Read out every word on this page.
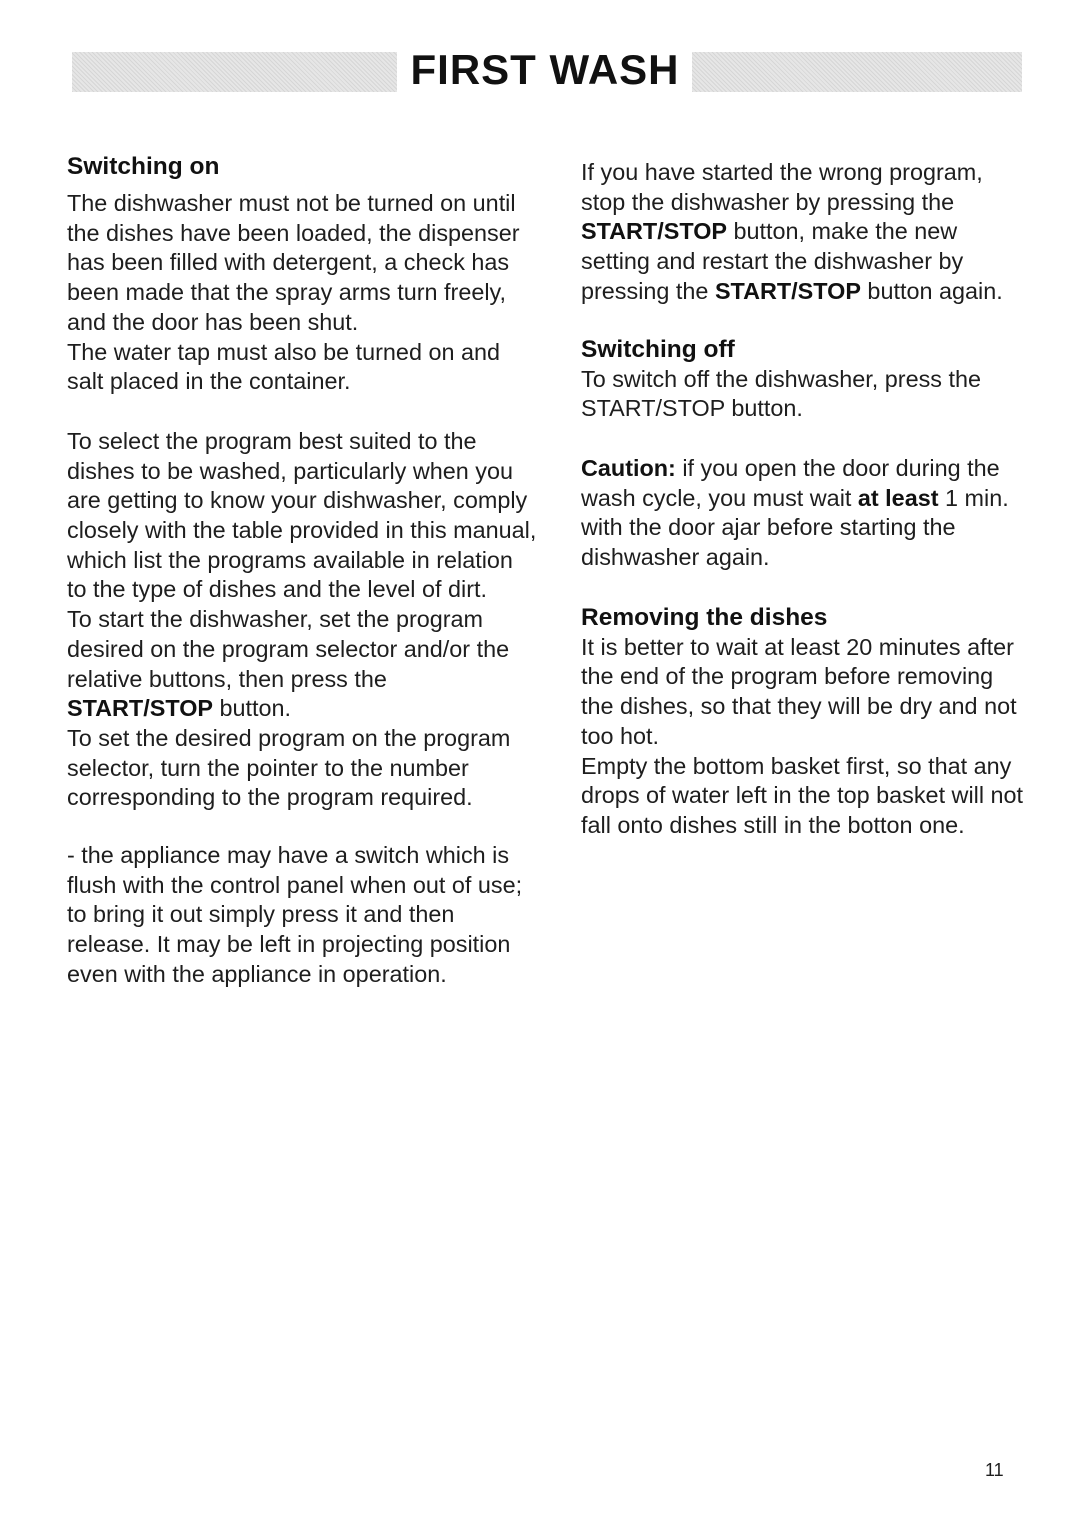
FIRST WASH
Switching on

The dishwasher must not be turned on until the dishes have been loaded, the dispenser has been filled with detergent, a check has been made that the spray arms turn freely, and the door has been shut.

The water tap must also be turned on and salt placed in the container.

To select the program best suited to the dishes to be washed, particularly when you are getting to know your dishwasher, comply closely with the table provided in this manual, which list the programs available in relation to the type of dishes and the level of dirt.

To start the dishwasher, set the program desired on the program selector and/or the relative buttons, then press the START/STOP button.

To set the desired program on the program selector, turn the pointer to the number corresponding to the program required.

- the appliance may have a switch which is flush with the control panel when out of use; to bring it out simply press it and then release. It may be left in projecting position even with the appliance in operation.

If you have started the wrong program, stop the dishwasher by pressing the START/STOP button, make the new setting and restart the dishwasher by pressing the START/STOP button again.

Switching off

To switch off the dishwasher, press the START/STOP button.

Caution: if you open the door during the wash cycle, you must wait at least 1 min. with the door ajar before starting the dishwasher again.

Removing the dishes

It is better to wait at least 20 minutes after the end of the program before removing the dishes, so that they will be dry and not too hot.

Empty the bottom basket first, so that any drops of water left in the top basket will not fall onto dishes still in the botton one.

11
